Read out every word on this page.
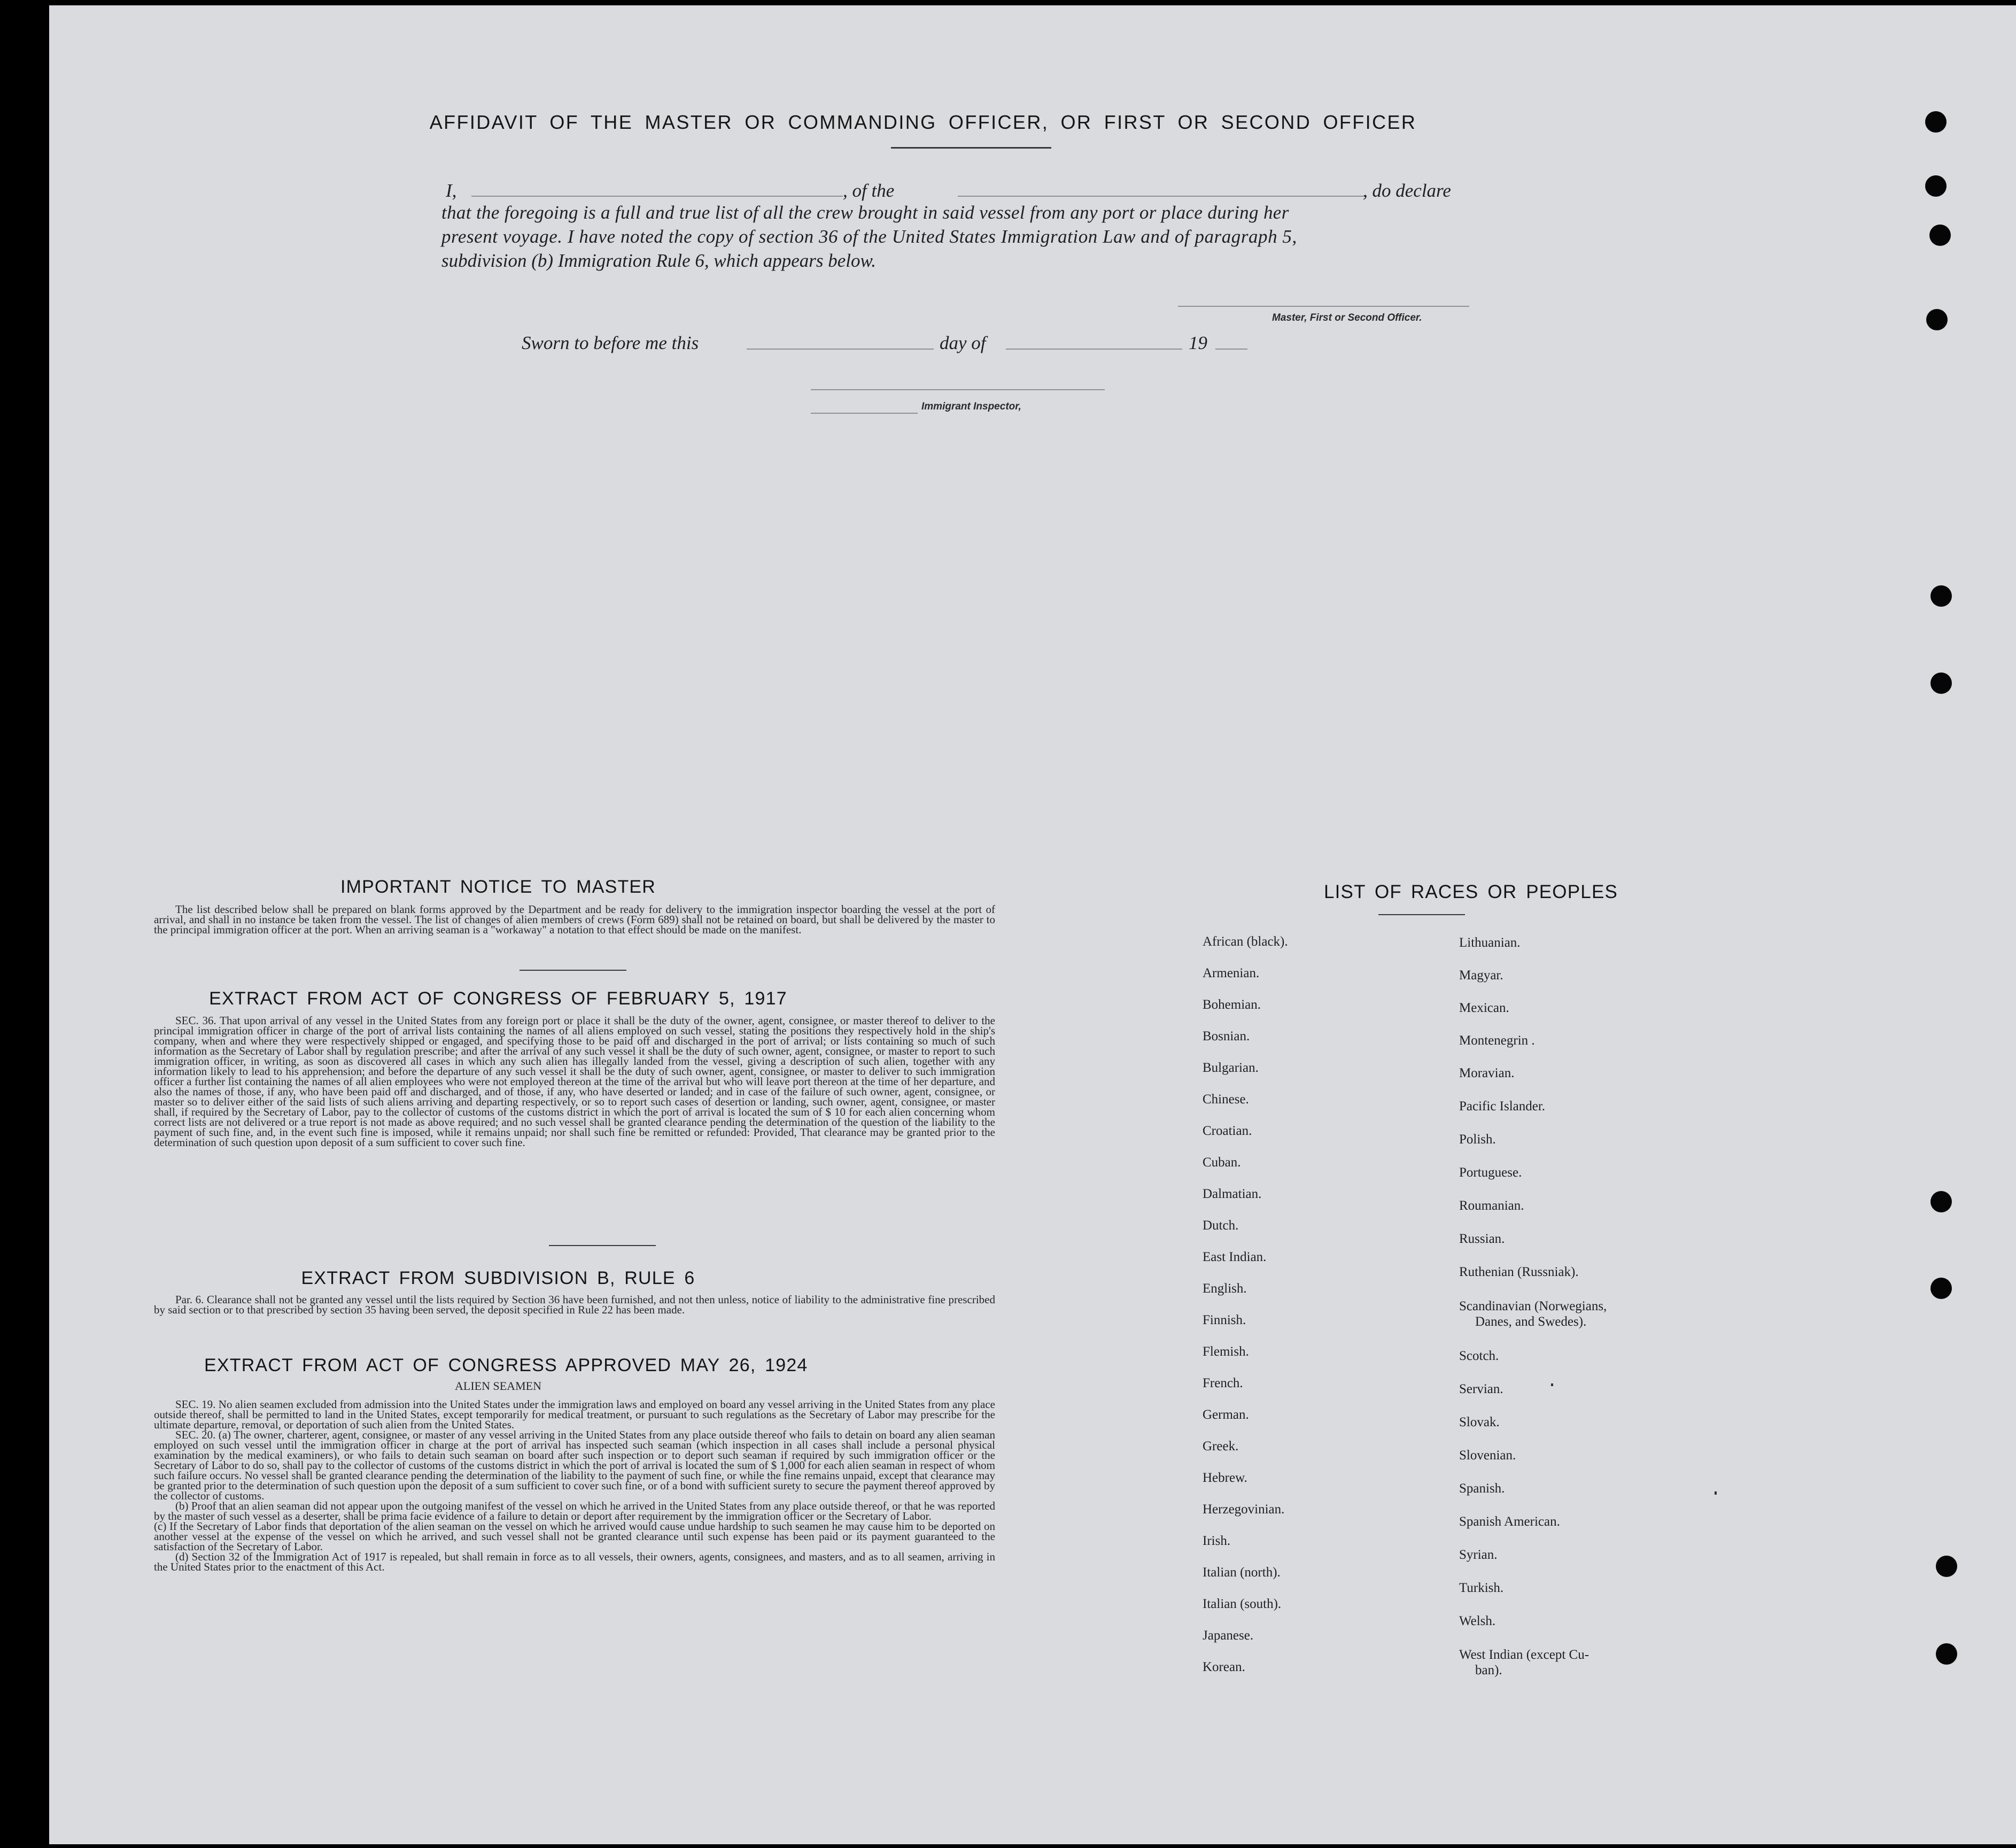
AFFIDAVIT OF THE MASTER OR COMMANDING OFFICER, OR FIRST OR SECOND OFFICER
I,	, of the	, do declare
that the foregoing is a full and true list of all the crew brought in said vessel from any port or place during her
present voyage. I have noted the copy of section 36 of the United States Immigration Law and of paragraph 5,
subdivision (b) Immigration Rule 6, which appears below.
Master, First or Second Officer.
Sworn to before me this	day of	19
Immigrant Inspector,
IMPORTANT NOTICE TO MASTER

The list described below shall be prepared on blank forms approved by the Department and be ready for delivery to the immigration inspector boarding the vessel at the port of arrival, and shall in no instance be taken from the vessel. The list of changes of alien members of crews (Form 689) shall not be retained on board, but shall be delivered by the master to the principal immigration officer at the port. When an arriving seaman is a "workaway" a notation to that effect should be made on the manifest.

EXTRACT FROM ACT OF CONGRESS OF FEBRUARY 5, 1917

SEC. 36. That upon arrival of any vessel in the United States from any foreign port or place it shall be the duty of the owner, agent, consignee, or master thereof to deliver to the principal immigration officer in charge of the port of arrival lists containing the names of all aliens employed on such vessel, stating the positions they respectively hold in the ship's company, when and where they were respectively shipped or engaged, and specifying those to be paid off and discharged in the port of arrival; or lists containing so much of such information as the Secretary of Labor shall by regulation prescribe; and after the arrival of any such vessel it shall be the duty of such owner, agent, consignee, or master to report to such immigration officer, in writing, as soon as discovered all cases in which any such alien has illegally landed from the vessel, giving a description of such alien, together with any information likely to lead to his apprehension; and before the departure of any such vessel it shall be the duty of such owner, agent, consignee, or master to deliver to such immigration officer a further list containing the names of all alien employees who were not employed thereon at the time of the arrival but who will leave port thereon at the time of her departure, and also the names of those, if any, who have been paid off and discharged, and of those, if any, who have deserted or landed; and in case of the failure of such owner, agent, consignee, or master so to deliver either of the said lists of such aliens arriving and departing respectively, or so to report such cases of desertion or landing, such owner, agent, consignee, or master shall, if required by the Secretary of Labor, pay to the collector of customs of the customs district in which the port of arrival is located the sum of $ 10 for each alien concerning whom correct lists are not delivered or a true report is not made as above required; and no such vessel shall be granted clearance pending the determination of the question of the liability to the payment of such fine, and, in the event such fine is imposed, while it remains unpaid; nor shall such fine be remitted or refunded: Provided, That clearance may be granted prior to the determination of such question upon deposit of a sum sufficient to cover such fine.

EXTRACT FROM SUBDIVISION B, RULE 6

Par. 6. Clearance shall not be granted any vessel until the lists required by Section 36 have been furnished, and not then unless, notice of liability to the administrative fine prescribed by said section or to that prescribed by section 35 having been served, the deposit specified in Rule 22 has been made.

EXTRACT FROM ACT OF CONGRESS APPROVED MAY 26, 1924
ALIEN SEAMEN

SEC. 19. No alien seamen excluded from admission into the United States under the immigration laws and employed on board any vessel arriving in the United States from any place outside thereof, shall be permitted to land in the United States, except temporarily for medical treatment, or pursuant to such regulations as the Secretary of Labor may prescribe for the ultimate departure, removal, or deportation of such alien from the United States.

SEC. 20. (a) The owner, charterer, agent, consignee, or master of any vessel arriving in the United States from any place outside thereof who fails to detain on board any alien seaman employed on such vessel until the immigration officer in charge at the port of arrival has inspected such seaman (which inspection in all cases shall include a personal physical examination by the medical examiners), or who fails to detain such seaman on board after such inspection or to deport such seaman if required by such immigration officer or the Secretary of Labor to do so, shall pay to the collector of customs of the customs district in which the port of arrival is located the sum of $ 1,000 for each alien seaman in respect of whom such failure occurs. No vessel shall be granted clearance pending the determination of the liability to the payment of such fine, or while the fine remains unpaid, except that clearance may be granted prior to the determination of such question upon the deposit of a sum sufficient to cover such fine, or of a bond with sufficient surety to secure the payment thereof approved by the collector of customs.

(b) Proof that an alien seaman did not appear upon the outgoing manifest of the vessel on which he arrived in the United States from any place outside thereof, or that he was reported by the master of such vessel as a deserter, shall be prima facie evidence of a failure to detain or deport after requirement by the immigration officer or the Secretary of Labor.

(c) If the Secretary of Labor finds that deportation of the alien seaman on the vessel on which he arrived would cause undue hardship to such seamen he may cause him to be deported on another vessel at the expense of the vessel on which he arrived, and such vessel shall not be granted clearance until such expense has been paid or its payment guaranteed to the satisfaction of the Secretary of Labor.

(d) Section 32 of the Immigration Act of 1917 is repealed, but shall remain in force as to all vessels, their owners, agents, consignees, and masters, and as to all seamen, arriving in the United States prior to the enactment of this Act.

LIST OF RACES OR PEOPLES
African (black).
Armenian.
Bohemian.
Bosnian.
Bulgarian.
Chinese.
Croatian.
Cuban.
Dalmatian.
Dutch.
East Indian.
English.
Finnish.
Flemish.
French.
German.
Greek.
Hebrew.
Herzegovinian.
Irish.
Italian (north).
Italian (south).
Japanese.
Korean.
Lithuanian.
Magyar.
Mexican.
Montenegrin .
Moravian.
Pacific Islander.
Polish.
Portuguese.
Roumanian.
Russian.
Ruthenian (Russniak).
Scandinavian (Norwegians,
Danes, and Swedes).
Scotch.
Servian.
Slovak.
Slovenian.
Spanish.
Spanish American.
Syrian.
Turkish.
Welsh.
West Indian (except Cu-
ban).
